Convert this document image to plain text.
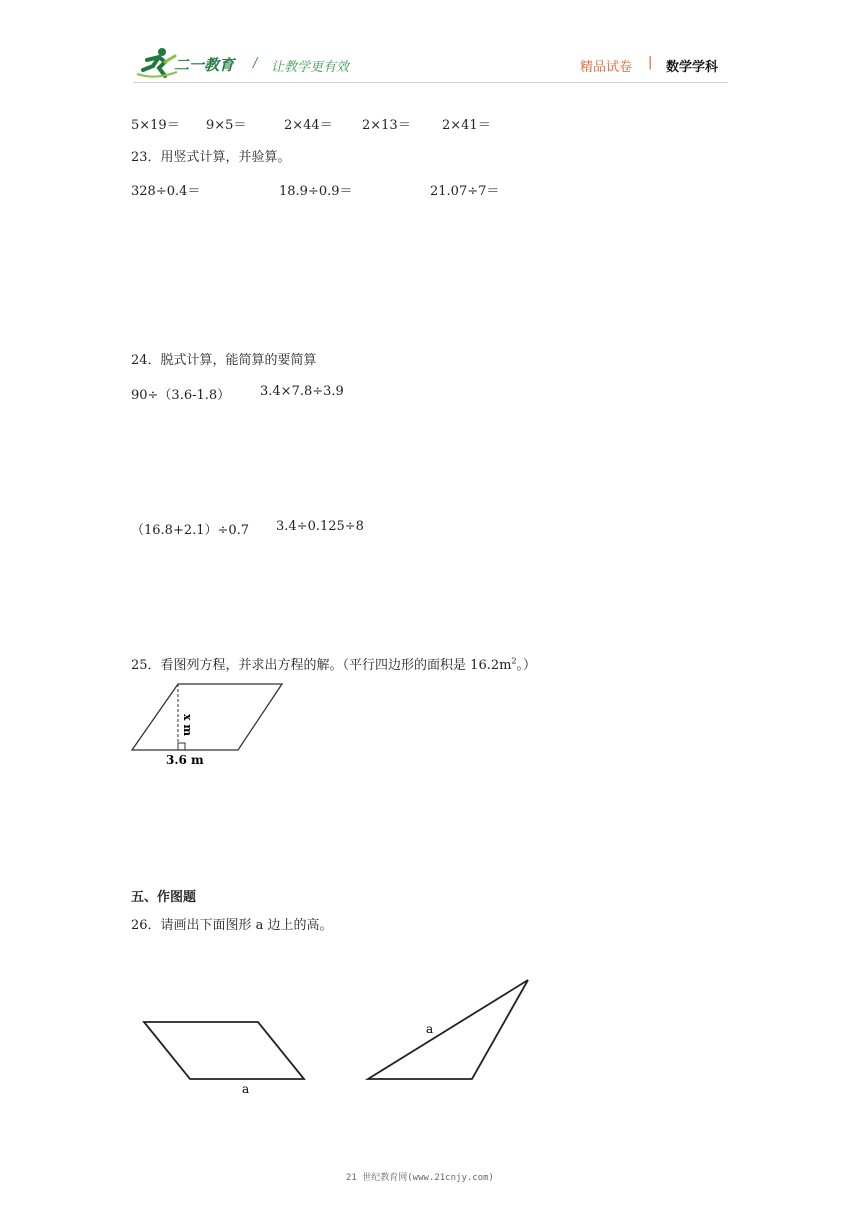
二一教育 / 让教学更有效	精品试卷 | 数学学科
5×19＝ 9×5＝	2×44＝ 2×13＝ 2×41＝
23．用竖式计算，并验算。
328÷0.4＝	18.9÷0.9＝	21.07÷7＝
24．脱式计算，能简算的要简算
90÷（3.6-1.8） 3.4×7.8÷3.9
（16.8+2.1）÷0.7 3.4÷0.125÷8
25．看图列方程，并求出方程的解。（平行四边形的面积是 $16.2m^2$。）
x m
3.6 m
五、作图题
26．请画出下面图形 a 边上的高。
a
a
21 世纪教育网(www.21cnjy.com)
